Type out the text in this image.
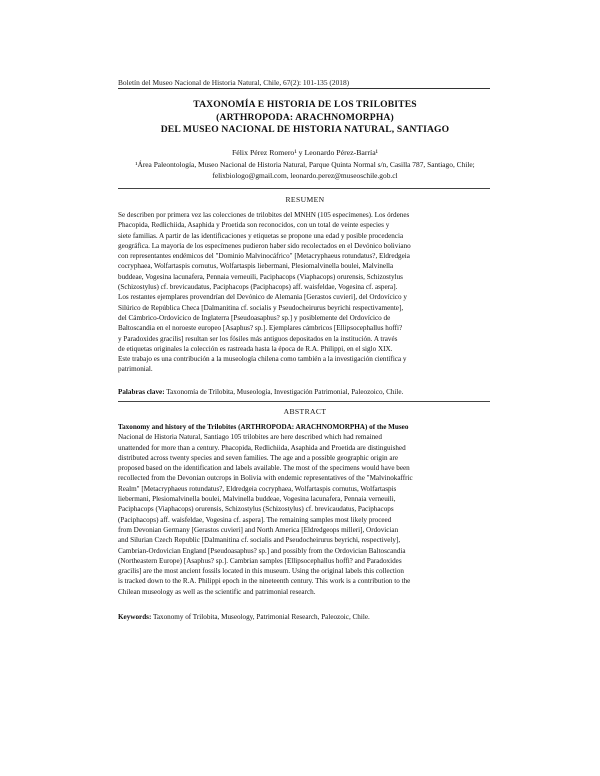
Boletín del Museo Nacional de Historia Natural, Chile, 67(2): 101-135 (2018)
TAXONOMÍA E HISTORIA DE LOS TRILOBITES
(ARTHROPODA: ARACHNOMORPHA)
DEL MUSEO NACIONAL DE HISTORIA NATURAL, SANTIAGO
Félix Pérez Romero¹ y Leonardo Pérez-Barría¹
¹Área Paleontología, Museo Nacional de Historia Natural, Parque Quinta Normal s/n, Casilla 787, Santiago, Chile;
felixbiologo@gmail.com, leonardo.perez@museoschile.gob.cl
RESUMEN
Se describen por primera vez las colecciones de trilobites del MNHN (105 especímenes). Los órdenes
Phacopida, Redlichiida, Asaphida y Proetida son reconocidos, con un total de veinte especies y
siete familias. A partir de las identificaciones y etiquetas se propone una edad y posible procedencia
geográfica. La mayoría de los especímenes pudieron haber sido recolectados en el Devónico boliviano
con representantes endémicos del "Dominio Malvinocáfrico" [Metacryphaeus rotundatus?, Eldredgeia
cocryphaea, Wolfartaspis cornutus, Wolfartaspis liebermani, Plesiomalvinella boulei, Malvinella
buddeae, Vogesina lacunafera, Pennaia verneuili, Paciphacops (Viaphacops) orurensis, Schizostylus
(Schizostylus) cf. brevicaudatus, Paciphacops (Paciphacops) aff. waisfeldae, Vogesina cf. aspera].
Los restantes ejemplares provendrían del Devónico de Alemania [Gerastos cuvieri], del Ordovícico y
Silúrico de República Checa [Dalmanitina cf. socialis y Pseudocheirurus beyrichi respectivamente],
del Cámbrico-Ordovícico de Inglaterra [Pseudoasaphus? sp.] y posiblemente del Ordovícico de
Baltoscandia en el noroeste europeo [Asaphus? sp.]. Ejemplares cámbricos [Ellipsocephallus hoffi?
y Paradoxides gracilis] resultan ser los fósiles más antiguos depositados en la institución. A través
de etiquetas originales la colección es rastreada hasta la época de R.A. Philippi, en el siglo XIX.
Este trabajo es una contribución a la museología chilena como también a la investigación científica y
patrimonial.
Palabras clave: Taxonomía de Trilobita, Museología, Investigación Patrimonial, Paleozoico, Chile.
ABSTRACT
Taxonomy and history of the Trilobites (ARTHROPODA: ARACHNOMORPHA) of the Museo
Nacional de Historia Natural, Santiago 105 trilobites are here described which had remained
unattended for more than a century. Phacopida, Redlichiida, Asaphida and Proetida are distinguished
distributed across twenty species and seven families. The age and a possible geographic origin are
proposed based on the identification and labels available. The most of the specimens would have been
recollected from the Devonian outcrops in Bolivia with endemic representatives of the "Malvinokaffric
Realm" [Metacryphaeus rotundatus?, Eldredgeia cocryphaea, Wolfartaspis cornutus, Wolfartaspis
liebermani, Plesiomalvinella boulei, Malvinella buddeae, Vogesina lacunafera, Pennaia verneuili,
Paciphacops (Viaphacops) orurensis, Schizostylus (Schizostylus) cf. brevicaudatus, Paciphacops
(Paciphacops) aff. waisfeldae, Vogesina cf. aspera]. The remaining samples most likely proceed
from Devonian Germany [Gerastos cuvieri] and North America [Eldredgeops milleri], Ordovician
and Silurian Czech Republic [Dalmanitina cf. socialis and Pseudocheirurus beyrichi, respectively],
Cambrian-Ordovician England [Pseudoasaphus? sp.] and possibly from the Ordovician Baltoscandia
(Northeastern Europe) [Asaphus? sp.]. Cambrian samples [Ellipsocephallus hoffi? and Paradoxides
gracilis] are the most ancient fossils located in this museum. Using the original labels this collection
is tracked down to the R.A. Philippi epoch in the nineteenth century. This work is a contribution to the
Chilean museology as well as the scientific and patrimonial research.
Keywords: Taxonomy of Trilobita, Museology, Patrimonial Research, Paleozoic, Chile.
